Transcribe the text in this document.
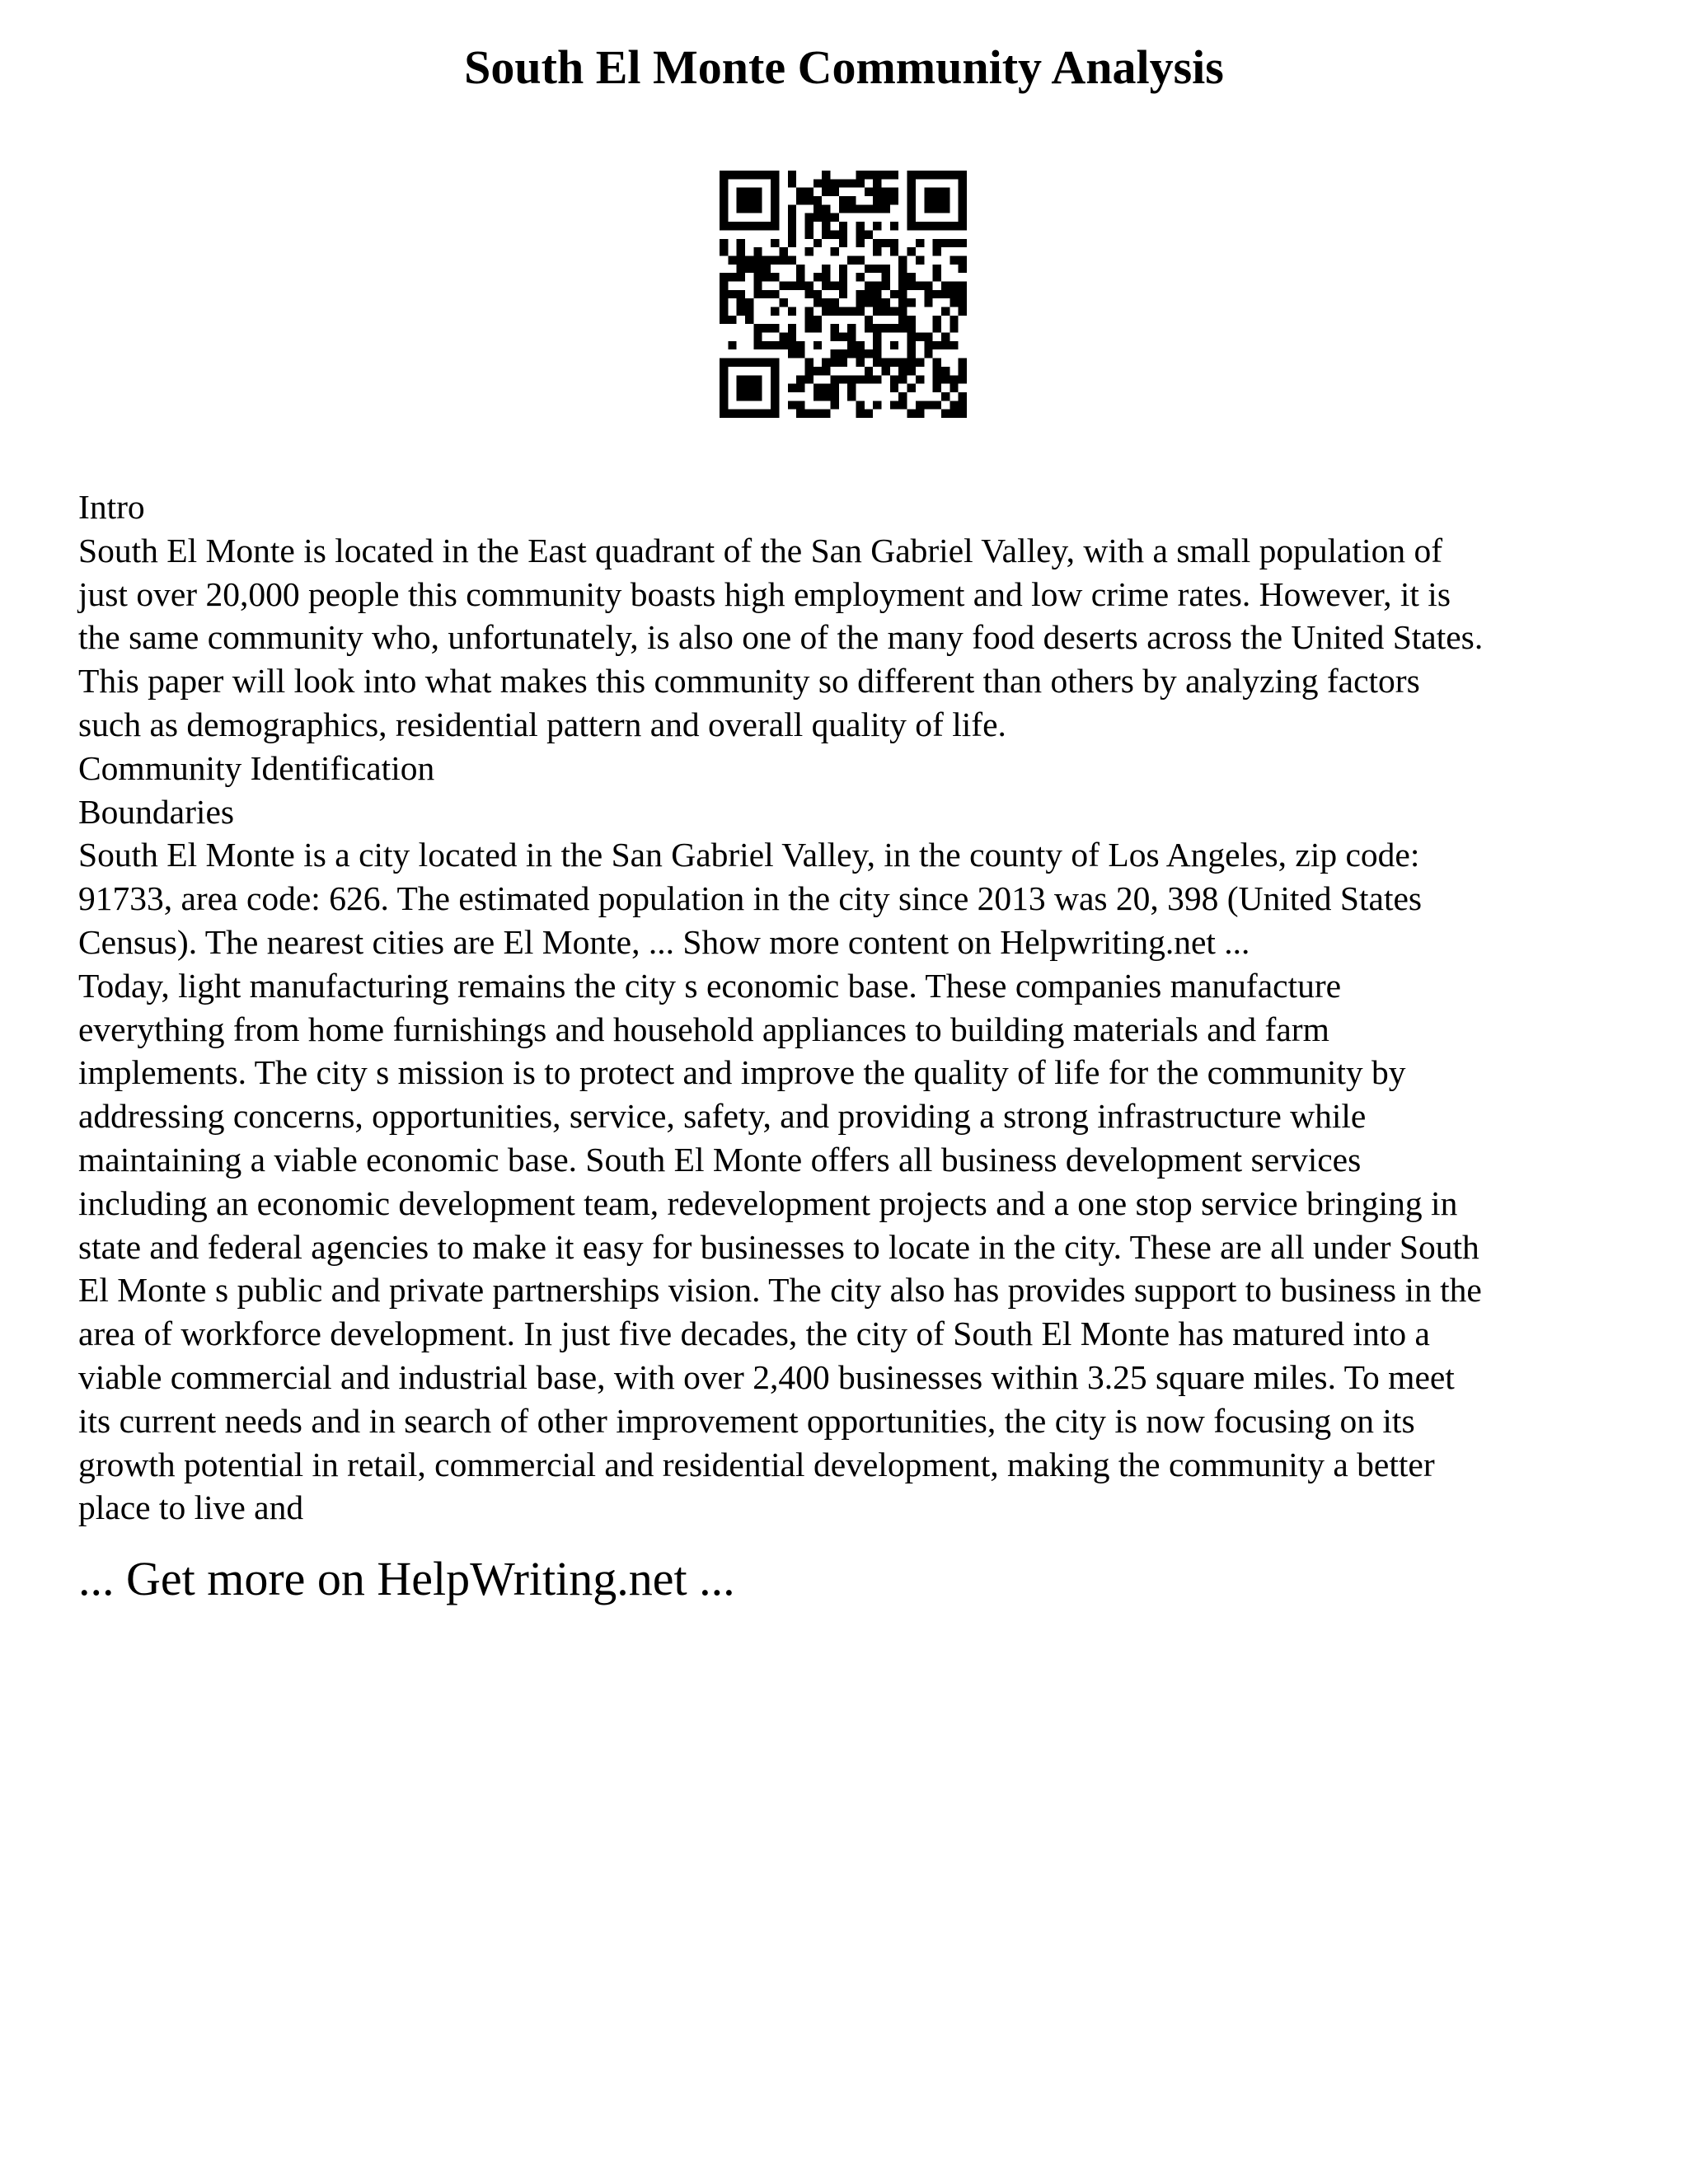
South El Monte Community Analysis
Intro
South El Monte is located in the East quadrant of the San Gabriel Valley, with a small population of
just over 20,000 people this community boasts high employment and low crime rates. However, it is
the same community who, unfortunately, is also one of the many food deserts across the United States.
This paper will look into what makes this community so different than others by analyzing factors
such as demographics, residential pattern and overall quality of life.
Community Identification
Boundaries
South El Monte is a city located in the San Gabriel Valley, in the county of Los Angeles, zip code:
91733, area code: 626. The estimated population in the city since 2013 was 20, 398 (United States
Census). The nearest cities are El Monte, ... Show more content on Helpwriting.net ...
Today, light manufacturing remains the city s economic base. These companies manufacture
everything from home furnishings and household appliances to building materials and farm
implements. The city s mission is to protect and improve the quality of life for the community by
addressing concerns, opportunities, service, safety, and providing a strong infrastructure while
maintaining a viable economic base. South El Monte offers all business development services
including an economic development team, redevelopment projects and a one stop service bringing in
state and federal agencies to make it easy for businesses to locate in the city. These are all under South
El Monte s public and private partnerships vision. The city also has provides support to business in the
area of workforce development. In just five decades, the city of South El Monte has matured into a
viable commercial and industrial base, with over 2,400 businesses within 3.25 square miles. To meet
its current needs and in search of other improvement opportunities, the city is now focusing on its
growth potential in retail, commercial and residential development, making the community a better
place to live and
... Get more on HelpWriting.net ...
